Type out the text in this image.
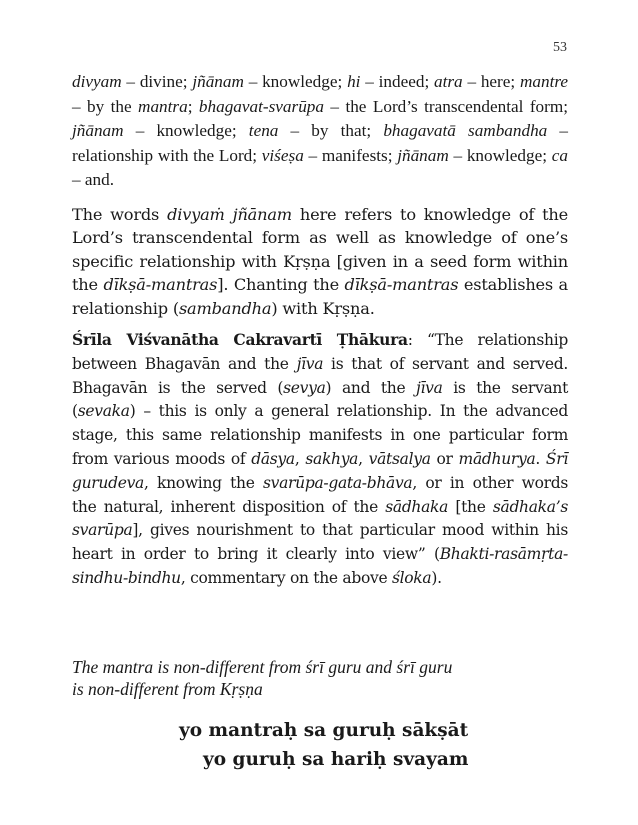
53

divyam – divine; jñānam – knowledge; hi – indeed; atra – here; mantre – by the mantra; bhagavat-svarūpa – the Lord’s transcendental form; jñānam – knowledge; tena – by that; bhagavatā sambandha – relationship with the Lord; viśeṣa – manifests; jñānam – knowledge; ca – and.

The words divyaṁ jñānam here refers to knowledge of the Lord’s transcendental form as well as knowledge of one’s specific relationship with Kṛṣṇa [given in a seed form within the dīkṣā-mantras]. Chanting the dīkṣā-mantras establishes a relationship (sambandha) with Kṛṣṇa.

Śrīla Viśvanātha Cakravartī Ṭhākura: “The relationship between Bhagavān and the jīva is that of servant and served. Bhagavān is the served (sevya) and the jīva is the servant (sevaka) – this is only a general relationship. In the advanced stage, this same relationship manifests in one particular form from various moods of dāsya, sakhya, vātsalya or mādhurya. Śrī gurudeva, knowing the svarūpa-gata-bhāva, or in other words the natural, inherent disposition of the sādhaka [the sādhaka’s svarūpa], gives nourishment to that particular mood within his heart in order to bring it clearly into view” (Bhakti-rasāmṛta-sindhu-bindhu, commentary on the above śloka).

The mantra is non-different from śrī guru and śrī guru
is non-different from Kṛṣṇa
yo mantraḥ sa guruḥ sākṣāt
yo guruḥ sa hariḥ svayam
